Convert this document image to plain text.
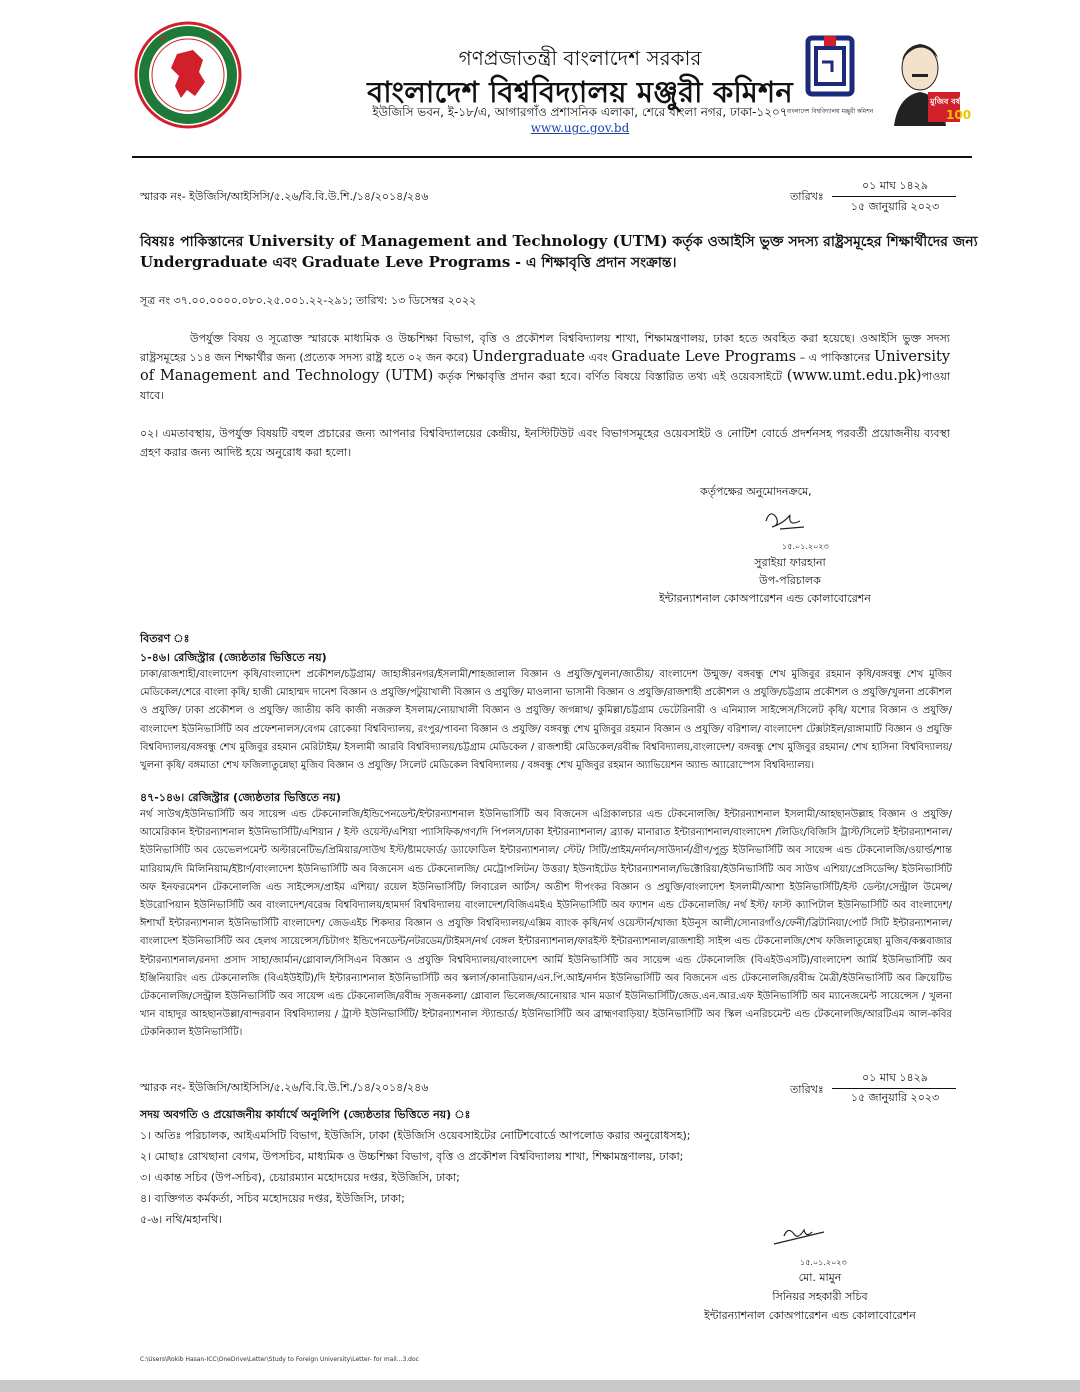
গণপ্রজাতন্ত্রী বাংলাদেশ সরকার
বাংলাদেশ বিশ্ববিদ্যালয় মঞ্জুরী কমিশন
ইউজিসি ভবন, ই-১৮/এ, আগারগাঁও প্রশাসনিক এলাকা, শেরে বাংলা নগর, ঢাকা-১২০৭
www.ugc.gov.bd
বাংলাদেশ বিশ্ববিদ্যালয় মঞ্জুরী কমিশন
মুজিব বর্ষ
100
স্মারক নং- ইউজিসি/আইসিসি/৫.২৬/বি.বি.উ.শি./১৪/২০১৪/২৪৬	তারিখঃ
০১ মাঘ ১৪২৯
১৫ জানুয়ারি ২০২৩
বিষয়ঃ পাকিস্তানের University of Management and Technology (UTM) কর্তৃক ওআইসি ভুক্ত সদস্য রাষ্ট্রসমূহের শিক্ষার্থীদের জন্য
Undergraduate এবং Graduate Leve Programs - এ শিক্ষাবৃত্তি প্রদান সংক্রান্ত।
সূত্র নং ৩৭.০০.০০০০.০৮০.২৫.০০১.২২-২৯১; তারিখ: ১৩ ডিসেম্বর ২০২২
উপর্যুক্ত বিষয় ও সূত্রোক্ত স্মারকে মাধ্যমিক ও উচ্চশিক্ষা বিভাগ, বৃত্তি ও প্রকৌশল বিশ্ববিদ্যালয় শাখা, শিক্ষামন্ত্রণালয়, ঢাকা হতে অবহিত করা হয়েছে। ওআইসি ভুক্ত সদস্য রাষ্ট্রসমূহের ১১৪ জন শিক্ষার্থীর জন্য (প্রত্যেক সদস্য রাষ্ট্র হতে ০২ জন করে) Undergraduate এবং Graduate Leve Programs – এ পাকিস্তানের University of Management and Technology (UTM) কর্তৃক শিক্ষাবৃত্তি প্রদান করা হবে। বর্ণিত বিষয়ে বিস্তারিত তথ্য এই ওয়েবসাইটে (www.umt.edu.pk)পাওয়া যাবে।
০২। এমতাবস্থায়, উপর্যুক্ত বিষয়টি বহুল প্রচারের জন্য আপনার বিশ্ববিদ্যালয়ের কেন্দ্রীয়, ইনস্টিটিউট এবং বিভাগসমূহের ওয়েবসাইট ও নোটিশ বোর্ডে প্রদর্শনসহ পরবর্তী প্রয়োজনীয় ব্যবস্থা গ্রহণ করার জন্য আদিষ্ট হয়ে অনুরোধ করা হলো।
কর্তৃপক্ষের অনুমোদনক্রমে,
১৫.০১.২০২৩
সুরাইয়া ফারহানা
উপ-পরিচালক
ইন্টারন্যাশনাল কোঅপারেশন এন্ড কোলাবোরেশন
বিতরণ ঃ
১-৪৬। রেজিস্ট্রার (জ্যেষ্ঠতার ভিত্তিতে নয়)
ঢাকা/রাজশাহী/বাংলাদেশ কৃষি/বাংলাদেশ প্রকৌশল/চট্টগ্রাম/ জাহাঙ্গীরনগর/ইসলামী/শাহজালাল বিজ্ঞান ও প্রযুক্তি/খুলনা/জাতীয়/ বাংলাদেশ উন্মুক্ত/ বঙ্গবন্ধু শেখ মুজিবুর রহমান কৃষি/বঙ্গবন্ধু শেখ মুজিব মেডিকেল/শেরে বাংলা কৃষি/ হাজী মোহাম্মদ দানেশ বিজ্ঞান ও প্রযুক্তি/পটুয়াখালী বিজ্ঞান ও প্রযুক্তি/ মাওলানা ভাসানী বিজ্ঞান ও প্রযুক্তি/রাজশাহী প্রকৌশল ও প্রযুক্তি/চট্টগ্রাম প্রকৌশল ও প্রযুক্তি/খুলনা প্রকৌশল ও প্রযুক্তি/ ঢাকা প্রকৌশল ও প্রযুক্তি/ জাতীয় কবি কাজী নজরুল ইসলাম/নোয়াখালী বিজ্ঞান ও প্রযুক্তি/ জগন্নাথ/ কুমিল্লা/চট্টগ্রাম ভেটেরিনারী ও এনিম্যাল সাইন্সেস/সিলেট কৃষি/ যশোর বিজ্ঞান ও প্রযুক্তি/ বাংলাদেশ ইউনিভার্সিটি অব প্রফেশনালস/বেগম রোকেয়া বিশ্ববিদ্যালয়, রংপুর/পাবনা বিজ্ঞান ও প্রযুক্তি/ বঙ্গবন্ধু শেখ মুজিবুর রহমান বিজ্ঞান ও প্রযুক্তি/ বরিশাল/ বাংলাদেশ টেক্সটাইল/রাঙ্গামাটি বিজ্ঞান ও প্রযুক্তি বিশ্ববিদ্যালয়/বঙ্গবন্ধু শেখ মুজিবুর রহমান মেরিটাইম/ ইসলামী আরবি বিশ্ববিদ্যালয়/চট্টগ্রাম মেডিকেল / রাজশাহী মেডিকেল/রবীন্দ্র বিশ্ববিদ্যালয়,বাংলাদেশ/ বঙ্গবন্ধু শেখ মুজিবুর রহমান/ শেখ হাসিনা বিশ্ববিদ্যালয়/ খুলনা কৃষি/ বঙ্গমাতা শেখ ফজিলাতুন্নেছা মুজিব বিজ্ঞান ও প্রযুক্তি/ সিলেট মেডিকেল বিশ্ববিদ্যালয় / বঙ্গবন্ধু শেখ মুজিবুর রহমান অ্যাভিয়েশন অ্যান্ড অ্যারোস্পেস বিশ্ববিদ্যালয়।
৪৭-১৪৬। রেজিস্ট্রার (জ্যেষ্ঠতার ভিত্তিতে নয়)
নর্থ সাউথ/ইউনিভার্সিটি অব সায়েন্স এন্ড টেকনোলজি/ইন্ডিপেনডেন্ট/ইন্টারন্যাশনাল ইউনিভার্সিটি অব বিজনেস এগ্রিকালচার এন্ড টেকনোলজি/ ইন্টারন্যাশনাল ইসলামী/আহছানউল্লাহ বিজ্ঞান ও প্রযুক্তি/আমেরিকান ইন্টারন্যাশনাল ইউনিভার্সিটি/এশিয়ান / ইস্ট ওয়েস্ট/এশিয়া প্যাসিফিক/গণ/দি পিপলস/ঢাকা ইন্টারন্যাশনাল/ ব্র্যাক/ মানারাত ইন্টারন্যাশনাল/বাংলাদেশ /লিডিং/বিজিসি ট্রাস্ট/সিলেট ইন্টারন্যাশনাল/ইউনিভার্সিটি অব ডেভেলপমেন্ট অল্টারনেটিভ/প্রিমিয়ার/সাউথ ইস্ট/ষ্টামফোর্ড/ ড্যাফোডিল ইন্টারন্যাশনাল/ স্টেট/ সিটি/প্রাইম/নর্দান/সাউদার্ন/গ্রীণ/পুণ্ড্র ইউনিভার্সিটি অব সায়েন্স এন্ড টেকনোলজি/ওয়ার্ল্ড/শান্ত মারিয়াম/দি মিলিনিয়াম/ইষ্টার্ণ/বাংলাদেশ ইউনিভার্সিটি অব বিজনেস এন্ড টেকনোলজি/ মেট্রোপলিটন/ উত্তরা/ ইউনাইটেড ইন্টারন্যাশনাল/ভিক্টোরিয়া/ইউনিভার্সিটি অব সাউথ এশিয়া/প্রেসিডেন্সি/ ইউনিভার্সিটি অফ ইনফরমেশন টেকনোলজি এন্ড সাইন্সেস/প্রাইম এশিয়া/ রয়েল ইউনিভার্সিটি/ লিবারেল আর্টস/ অতীশ দীপংকর বিজ্ঞান ও প্রযুক্তি/বাংলাদেশ ইসলামী/আশা ইউনিভার্সিটি/ইস্ট ডেল্টা/সেন্ট্রাল উমেন্স/ইউরোপিয়ান ইউনিভার্সিটি অব বাংলাদেশ/বরেন্দ্র বিশ্ববিদ্যালয়/হামদর্দ বিশ্ববিদ্যালয় বাংলাদেশ/বিজিএমইএ ইউনিভার্সিটি অব ফ্যাশন এন্ড টেকনোলজি/ নর্থ ইস্ট/ ফাস্ট ক্যাপিটাল ইউনিভার্সিটি অব বাংলাদেশ/ঈশাখাঁ ইন্টারন্যাশনাল ইউনিভার্সিটি বাংলাদেশ/ জেডএইচ শিকদার বিজ্ঞান ও প্রযুক্তি বিশ্ববিদ্যালয়/এক্সিম ব্যাংক কৃষি/নর্থ ওয়েস্টার্ন/খাজা ইউনুস আলী/সোনারগাঁও/ফেনী/ব্রিটানিয়া/পোর্ট সিটি ইন্টারন্যাশনাল/বাংলাদেশ ইউনিভার্সিটি অব হেলথ সায়েন্সেস/চিটাগং ইন্ডিপেনডেন্ট/নটরডেম/টাইমস/নর্থ বেঙ্গল ইন্টারন্যাশনাল/ফারইস্ট ইন্টারন্যাশনাল/রাজশাহী সাইন্স এন্ড টেকনোলজি/শেখ ফজিলাতুন্নেছা মুজিব/কক্সবাজার ইন্টারন্যাশনাল/রনদা প্রসাদ সাহা/জার্মান/গ্লোবাল/সিসিএন বিজ্ঞান ও প্রযুক্তি বিশ্ববিদ্যালয়/বাংলাদেশ আর্মি ইউনিভার্সিটি অব সায়েন্স এন্ড টেকনোলজি (বিএইউএসটি)/বাংলাদেশ আর্মি ইউনিভার্সিটি অব ইঞ্জিনিয়ারিং এন্ড টেকনোলজি (বিএইউইটি)/দি ইন্টারন্যাশনাল ইউনিভার্সিটি অব স্কলার্স/কানাডিয়ান/এন.পি.আই/নর্দান ইউনিভার্সিটি অব বিজনেস এন্ড টেকনোলজি/রবীন্দ্র মৈত্রী/ইউনিভার্সিটি অব ক্রিয়েটিভ টেকনোলজি/সেন্ট্রাল ইউনিভার্সিটি অব সায়েন্স এন্ড টেকনোলজি/রবীন্দ্র সৃজনকলা/ গ্লোবাল ভিলেজ/আনোয়ার খান মডার্ণ ইউনিভার্সিটি/জেড.এন.আর.এফ ইউনিভার্সিটি অব ম্যানেজমেন্ট সায়েন্সেস / খুলনা খান বাহাদুর আহছানউল্লা/বান্দরবান বিশ্ববিদ্যালয় / ট্রাস্ট ইউনিভার্সিটি/ ইন্টারন্যাশনাল স্ট্যান্ডার্ড/ ইউনিভার্সিটি অব ব্রাহ্মণবাড়িয়া/ ইউনিভার্সিটি অব স্কিল এনরিচমেন্ট এন্ড টেকনোলজি/আরটিএম আল-কবির টেকনিক্যাল ইউনিভার্সিটি।
স্মারক নং- ইউজিসি/আইসিসি/৫.২৬/বি.বি.উ.শি./১৪/২০১৪/২৪৬	তারিখঃ
০১ মাঘ ১৪২৯
১৫ জানুয়ারি ২০২৩
সদয় অবগতি ও প্রয়োজনীয় কার্যার্থে অনুলিপি (জ্যেষ্ঠতার ভিত্তিতে নয়) ঃ
১। অতিঃ পরিচালক, আইএমসিটি বিভাগ, ইউজিসি, ঢাকা (ইউজিসি ওয়েবসাইটের নোটিশবোর্ডে আপলোড করার অনুরোধসহ);
২। মোছাঃ রোখছানা বেগম, উপসচিব, মাধ্যমিক ও উচ্চশিক্ষা বিভাগ, বৃত্তি ও প্রকৌশল বিশ্ববিদ্যালয় শাখা, শিক্ষামন্ত্রণালয়, ঢাকা;
৩। একান্ত সচিব (উপ-সচিব), চেয়ারম্যান মহোদয়ের দপ্তর, ইউজিসি, ঢাকা;
৪। ব্যক্তিগত কর্মকর্তা, সচিব মহোদয়ের দপ্তর, ইউজিসি, ঢাকা;
৫-৬। নথি/মহানথি।
১৫.০১.২০২৩
মো. মামুন
সিনিয়র সহকারী সচিব
ইন্টারন্যাশনাল কোঅপারেশন এন্ড কোলাবোরেশন
C:\Users\Rokib Hasan-ICC\OneDrive\Letter\Study to Foreign University\Letter- for mail...3.doc
